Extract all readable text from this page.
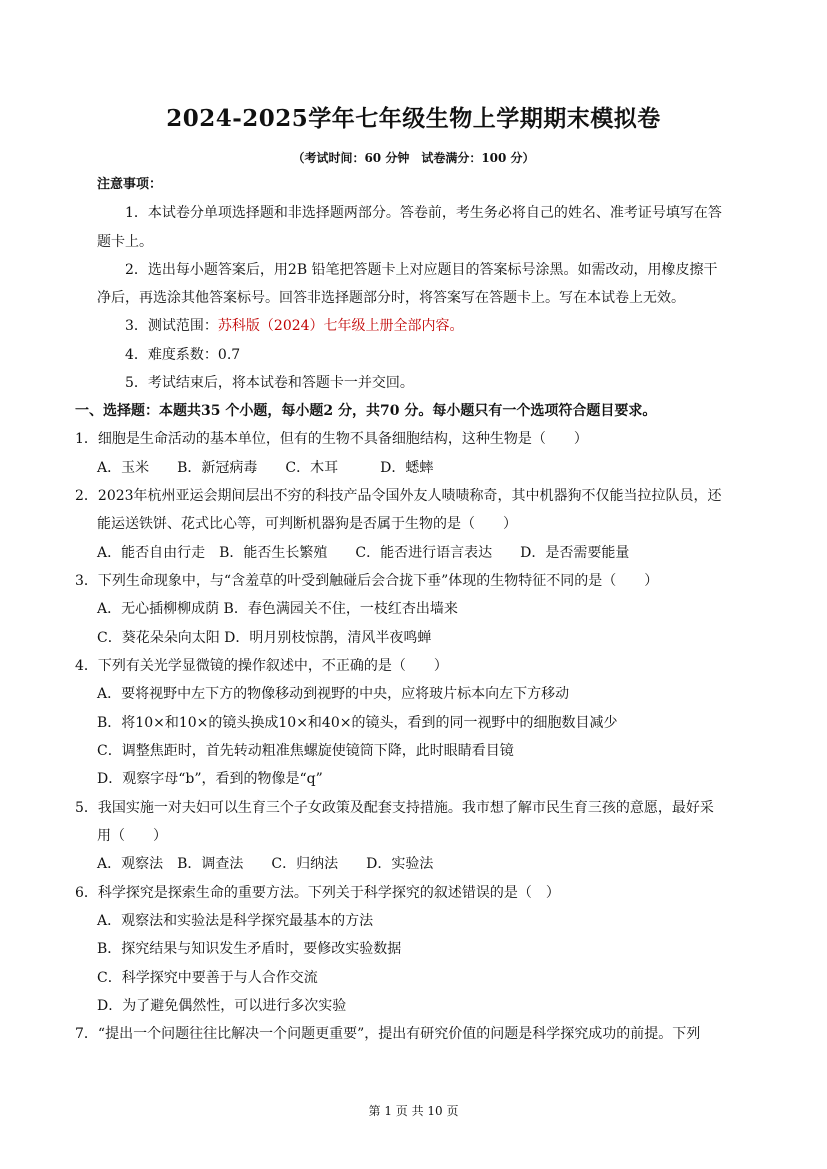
2024-2025学年七年级生物上学期期末模拟卷
（考试时间：60 分钟　试卷满分：100 分）
注意事项：
1．本试卷分单项选择题和非选择题两部分。答卷前，考生务必将自己的姓名、准考证号填写在答
题卡上。
2．选出每小题答案后，用2B 铅笔把答题卡上对应题目的答案标号涂黑。如需改动，用橡皮擦干
净后，再选涂其他答案标号。回答非选择题部分时，将答案写在答题卡上。写在本试卷上无效。
3．测试范围：苏科版（2024）七年级上册全部内容。
4．难度系数：0.7
5．考试结束后，将本试卷和答题卡一并交回。
一、选择题：本题共35 个小题，每小题2 分，共70 分。每小题只有一个选项符合题目要求。
1．细胞是生命活动的基本单位，但有的生物不具备细胞结构，这种生物是（　　）
A．玉米　　B．新冠病毒　　C．木耳　　　D．蟋蟀
2．2023年杭州亚运会期间层出不穷的科技产品令国外友人啧啧称奇，其中机器狗不仅能当拉拉队员，还
能运送铁饼、花式比心等，可判断机器狗是否属于生物的是（　　）
A．能否自由行走　B．能否生长繁殖　　C．能否进行语言表达　　D．是否需要能量
3．下列生命现象中，与“含羞草的叶受到触碰后会合拢下垂”体现的生物特征不同的是（　　）
A．无心插柳柳成荫 B．春色满园关不住，一枝红杏出墙来
C．葵花朵朵向太阳 D．明月别枝惊鹊，清风半夜鸣蝉
4．下列有关光学显微镜的操作叙述中，不正确的是（　　）
A．要将视野中左下方的物像移动到视野的中央，应将玻片标本向左下方移动
B．将10×和10×的镜头换成10×和40×的镜头，看到的同一视野中的细胞数目减少
C．调整焦距时，首先转动粗准焦螺旋使镜筒下降，此时眼睛看目镜
D．观察字母“b”，看到的物像是“q”
5．我国实施一对夫妇可以生育三个子女政策及配套支持措施。我市想了解市民生育三孩的意愿，最好采
用（　　）
A．观察法　B．调查法　　C．归纳法　　D．实验法
6．科学探究是探索生命的重要方法。下列关于科学探究的叙述错误的是（　）
A．观察法和实验法是科学探究最基本的方法
B．探究结果与知识发生矛盾时，要修改实验数据
C．科学探究中要善于与人合作交流
D．为了避免偶然性，可以进行多次实验
7．“提出一个问题往往比解决一个问题更重要”，提出有研究价值的问题是科学探究成功的前提。下列
第 1 页 共 10 页
